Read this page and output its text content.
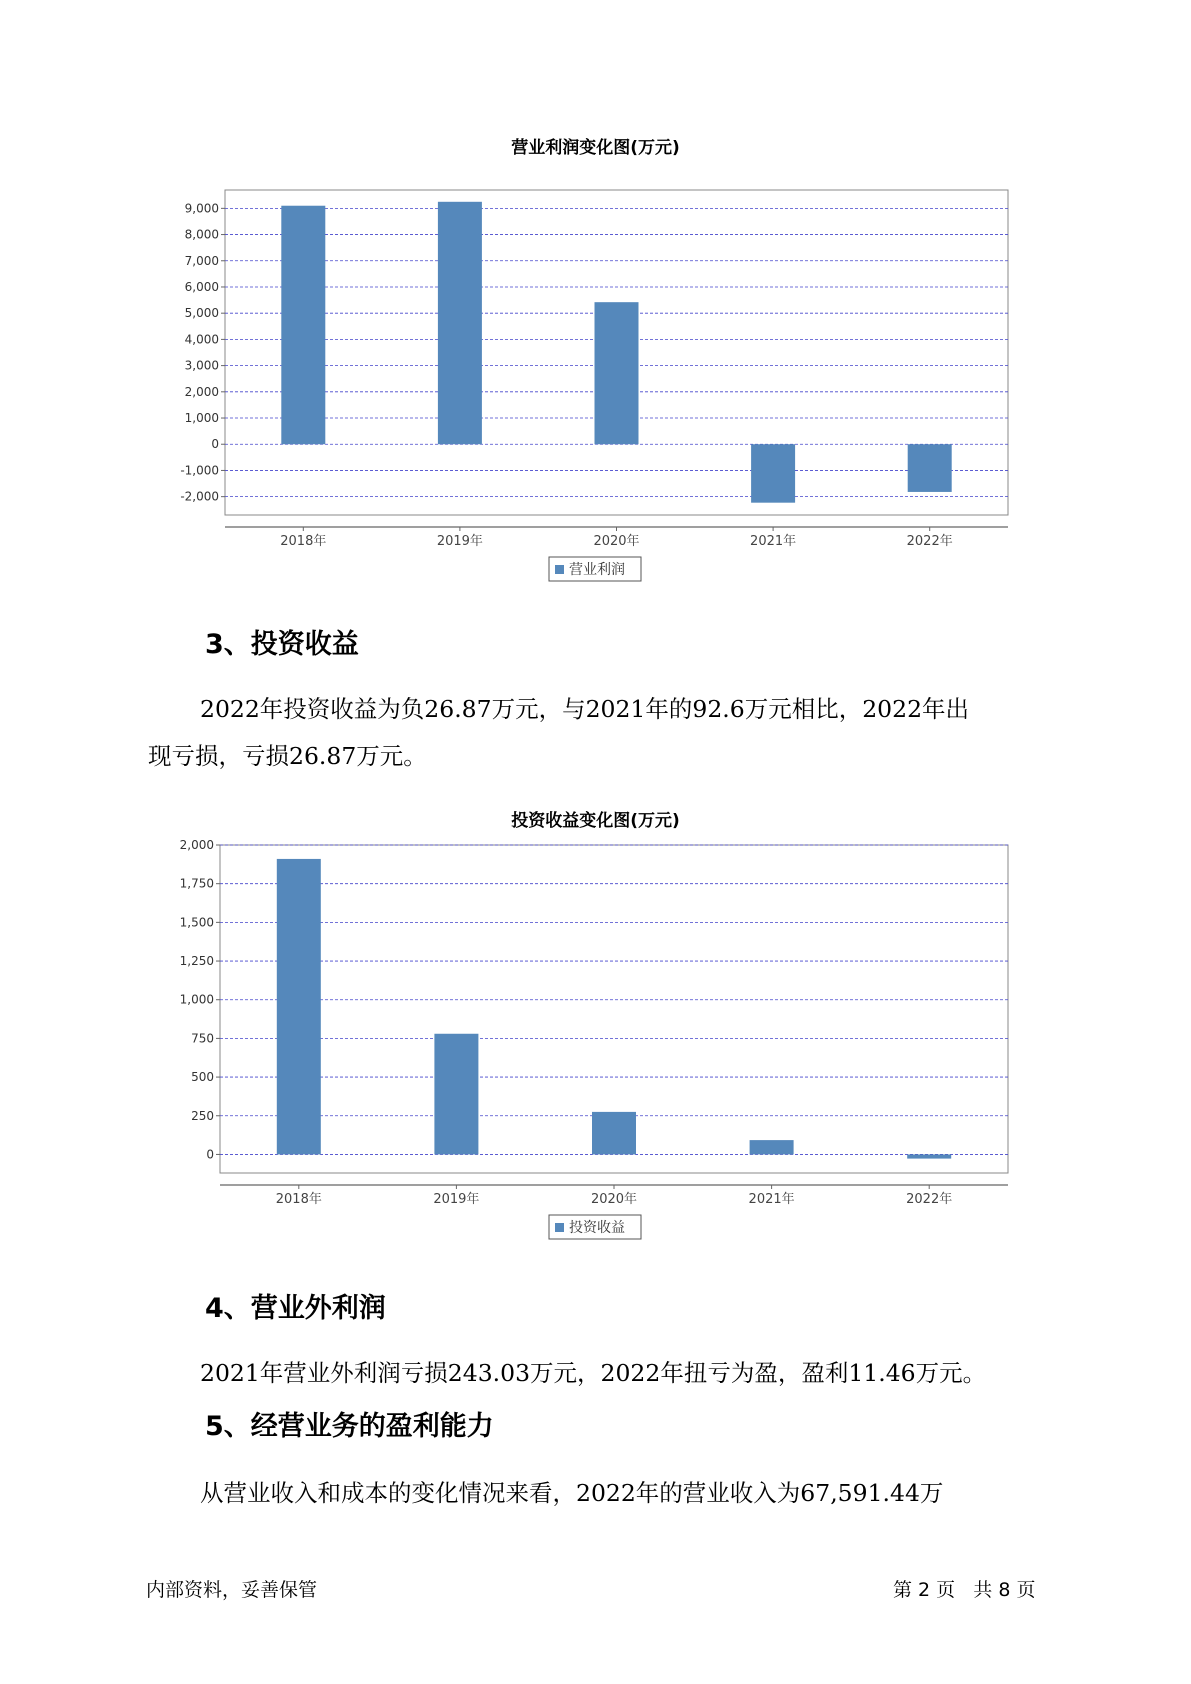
营业利润变化图(万元)
-2,000
-1,000
0
1,000
2,000
3,000
4,000
5,000
6,000
7,000
8,000
9,000
2018年	2019年	2020年	2021年	2022年
营业利润
3、投资收益

2022年投资收益为负26.87万元，与2021年的92.6万元相比，2022年出

现亏损，亏损26.87万元。

投资收益变化图(万元)
0
250
500
750
1,000
1,250
1,500
1,750
2,000
2018年	2019年	2020年	2021年	2022年
投资收益
4、营业外利润

2021年营业外利润亏损243.03万元，2022年扭亏为盈，盈利11.46万元。

5、经营业务的盈利能力

从营业收入和成本的变化情况来看，2022年的营业收入为67,591.44万

内部资料，妥善保管	第 2 页   共 8 页
